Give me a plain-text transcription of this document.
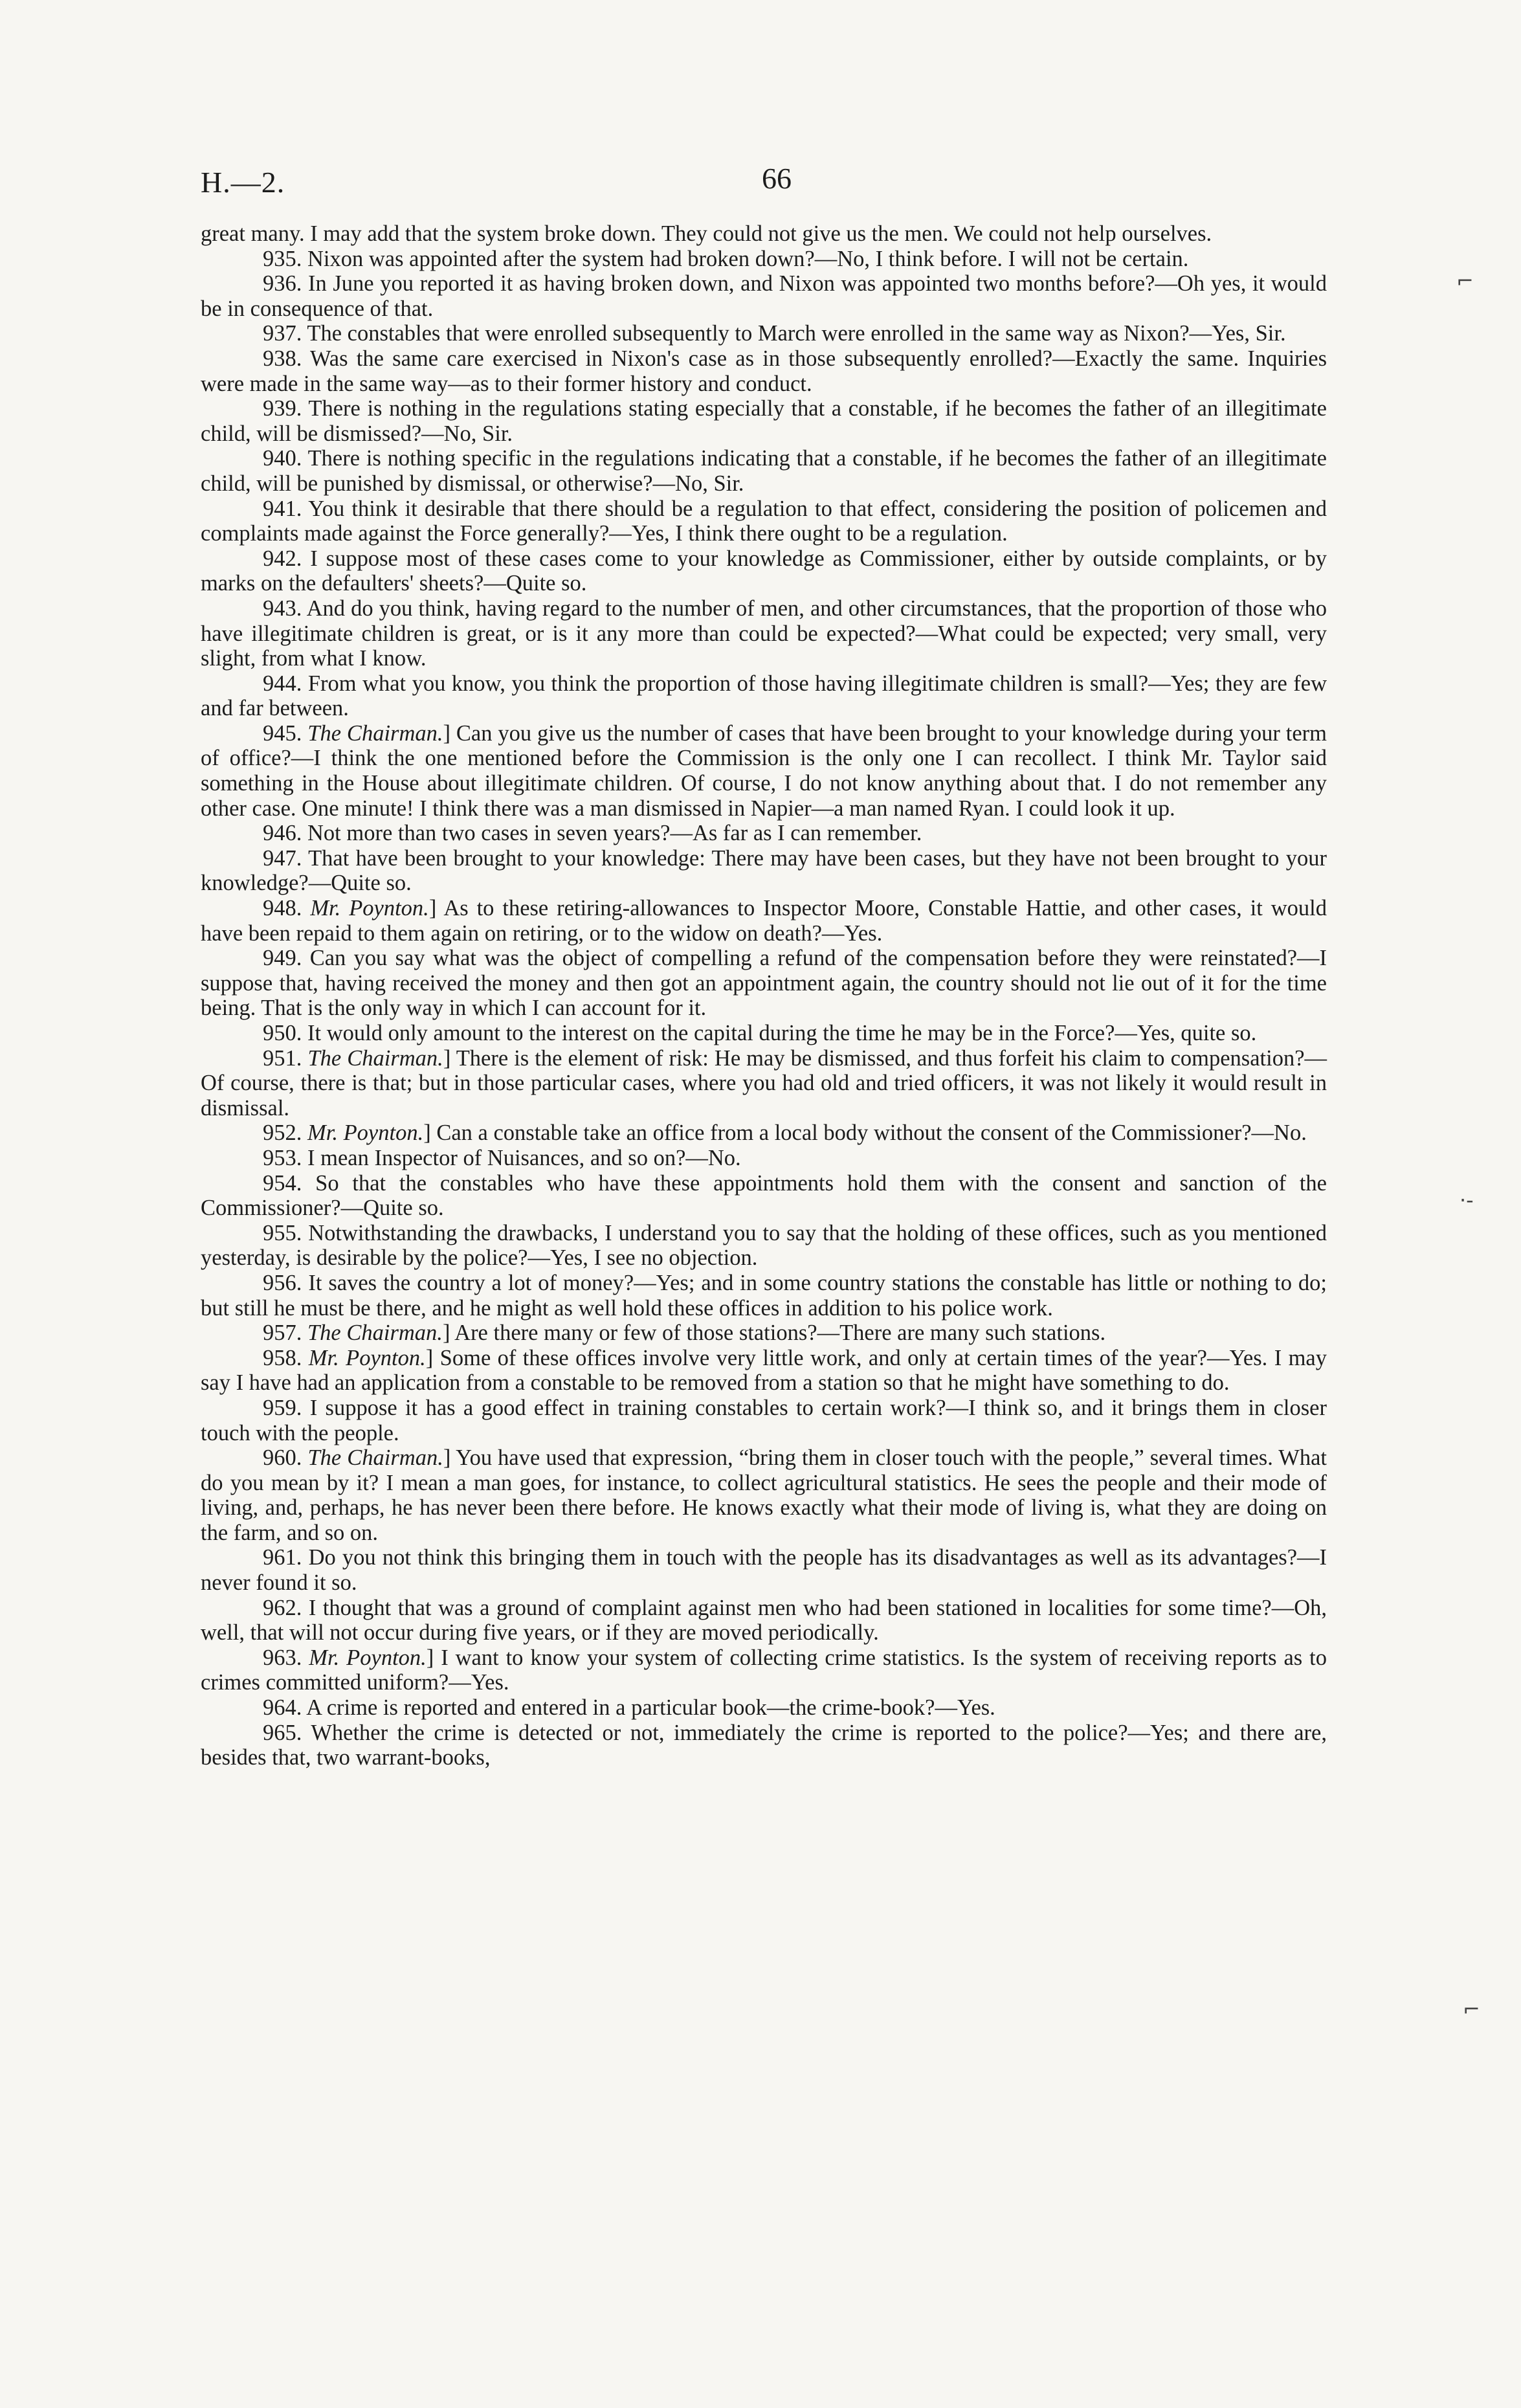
H.—2.	66

great many. I may add that the system broke down. They could not give us the men. We could not help ourselves.

935. Nixon was appointed after the system had broken down?—No, I think before. I will not be certain.

936. In June you reported it as having broken down, and Nixon was appointed two months before?—Oh yes, it would be in consequence of that.

937. The constables that were enrolled subsequently to March were enrolled in the same way as Nixon?—Yes, Sir.

938. Was the same care exercised in Nixon's case as in those subsequently enrolled?—Exactly the same. Inquiries were made in the same way—as to their former history and conduct.

939. There is nothing in the regulations stating especially that a constable, if he becomes the father of an illegitimate child, will be dismissed?—No, Sir.

940. There is nothing specific in the regulations indicating that a constable, if he becomes the father of an illegitimate child, will be punished by dismissal, or otherwise?—No, Sir.

941. You think it desirable that there should be a regulation to that effect, considering the position of policemen and complaints made against the Force generally?—Yes, I think there ought to be a regulation.

942. I suppose most of these cases come to your knowledge as Commissioner, either by outside complaints, or by marks on the defaulters' sheets?—Quite so.

943. And do you think, having regard to the number of men, and other circumstances, that the proportion of those who have illegitimate children is great, or is it any more than could be expected?—What could be expected; very small, very slight, from what I know.

944. From what you know, you think the proportion of those having illegitimate children is small?—Yes; they are few and far between.

945. The Chairman.] Can you give us the number of cases that have been brought to your knowledge during your term of office?—I think the one mentioned before the Commission is the only one I can recollect. I think Mr. Taylor said something in the House about illegitimate children. Of course, I do not know anything about that. I do not remember any other case. One minute! I think there was a man dismissed in Napier—a man named Ryan. I could look it up.

946. Not more than two cases in seven years?—As far as I can remember.

947. That have been brought to your knowledge: There may have been cases, but they have not been brought to your knowledge?—Quite so.

948. Mr. Poynton.] As to these retiring-allowances to Inspector Moore, Constable Hattie, and other cases, it would have been repaid to them again on retiring, or to the widow on death?—Yes.

949. Can you say what was the object of compelling a refund of the compensation before they were reinstated?—I suppose that, having received the money and then got an appointment again, the country should not lie out of it for the time being. That is the only way in which I can account for it.

950. It would only amount to the interest on the capital during the time he may be in the Force?—Yes, quite so.

951. The Chairman.] There is the element of risk: He may be dismissed, and thus forfeit his claim to compensation?—Of course, there is that; but in those particular cases, where you had old and tried officers, it was not likely it would result in dismissal.

952. Mr. Poynton.] Can a constable take an office from a local body without the consent of the Commissioner?—No.

953. I mean Inspector of Nuisances, and so on?—No.

954. So that the constables who have these appointments hold them with the consent and sanction of the Commissioner?—Quite so.

955. Notwithstanding the drawbacks, I understand you to say that the holding of these offices, such as you mentioned yesterday, is desirable by the police?—Yes, I see no objection.

956. It saves the country a lot of money?—Yes; and in some country stations the constable has little or nothing to do; but still he must be there, and he might as well hold these offices in addition to his police work.

957. The Chairman.] Are there many or few of those stations?—There are many such stations.

958. Mr. Poynton.] Some of these offices involve very little work, and only at certain times of the year?—Yes. I may say I have had an application from a constable to be removed from a station so that he might have something to do.

959. I suppose it has a good effect in training constables to certain work?—I think so, and it brings them in closer touch with the people.

960. The Chairman.] You have used that expression, “bring them in closer touch with the people,” several times. What do you mean by it? I mean a man goes, for instance, to collect agricultural statistics. He sees the people and their mode of living, and, perhaps, he has never been there before. He knows exactly what their mode of living is, what they are doing on the farm, and so on.

961. Do you not think this bringing them in touch with the people has its disadvantages as well as its advantages?—I never found it so.

962. I thought that was a ground of complaint against men who had been stationed in localities for some time?—Oh, well, that will not occur during five years, or if they are moved periodically.

963. Mr. Poynton.] I want to know your system of collecting crime statistics. Is the system of receiving reports as to crimes committed uniform?—Yes.

964. A crime is reported and entered in a particular book—the crime-book?—Yes.

965. Whether the crime is detected or not, immediately the crime is reported to the police?—Yes; and there are, besides that, two warrant-books,

⌐
·‐
⌐
